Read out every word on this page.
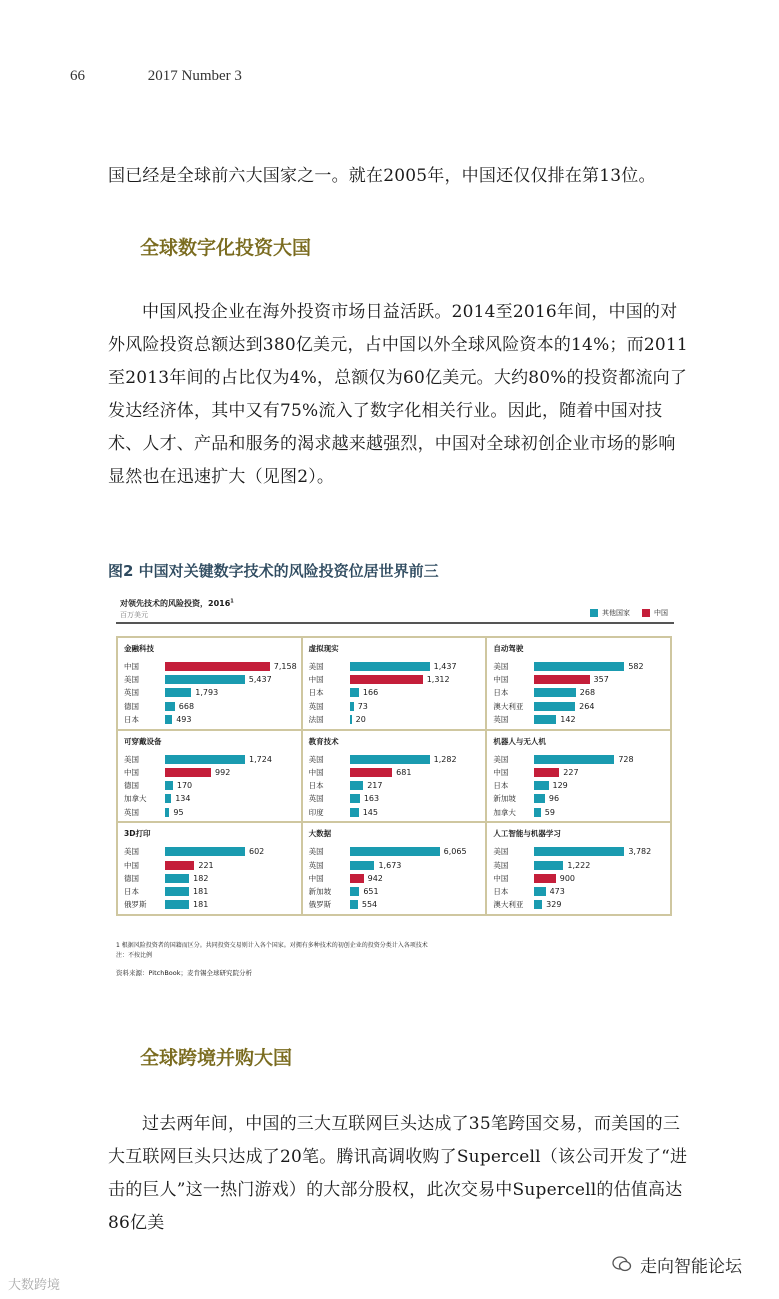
66	2017 Number 3

国已经是全球前六大国家之一。就在2005年，中国还仅仅排在第13位。

全球数字化投资大国

中国风投企业在海外投资市场日益活跃。2014至2016年间，中国的对外风险投资总额达到380亿美元，占中国以外全球风险资本的14%；而2011至2013年间的占比仅为4%，总额仅为60亿美元。大约80%的投资都流向了发达经济体，其中又有75%流入了数字化相关行业。因此，随着中国对技术、人才、产品和服务的渴求越来越强烈，中国对全球初创企业市场的影响显然也在迅速扩大（见图2）。

图2 中国对关键数字技术的风险投资位居世界前三
对领先技术的风险投资，2016$^1$
百万美元	其他国家	中国
金融科技
中国	7,158
美国	5,437
英国	1,793
德国	668
日本	493
虚拟现实
美国	1,437
中国	1,312
日本	166
英国	73
法国	20
自动驾驶
美国	582
中国	357
日本	268
澳大利亚	264
英国	142
可穿戴设备
美国	1,724
中国	992
德国	170
加拿大	134
英国	95
教育技术
美国	1,282
中国	681
日本	217
英国	163
印度	145
机器人与无人机
美国	728
中国	227
日本	129
新加坡	96
加拿大	59
3D打印
美国	602
中国	221
德国	182
日本	181
俄罗斯	181
大数据
美国	6,065
英国	1,673
中国	942
新加坡	651
俄罗斯	554
人工智能与机器学习
美国	3,782
英国	1,222
中国	900
日本	473
澳大利亚	329
1 根据风险投资者的国籍而区分。共同投资交易则计入各个国家。对拥有多种技术的初创企业的投资分类计入各项技术
注：不按比例
资料来源：PitchBook；麦肯锡全球研究院分析
全球跨境并购大国

过去两年间，中国的三大互联网巨头达成了35笔跨国交易，而美国的三大互联网巨头只达成了20笔。腾讯高调收购了Supercell（该公司开发了“进击的巨人”这一热门游戏）的大部分股权，此次交易中Supercell的估值高达86亿美

走向智能论坛
大数跨境
